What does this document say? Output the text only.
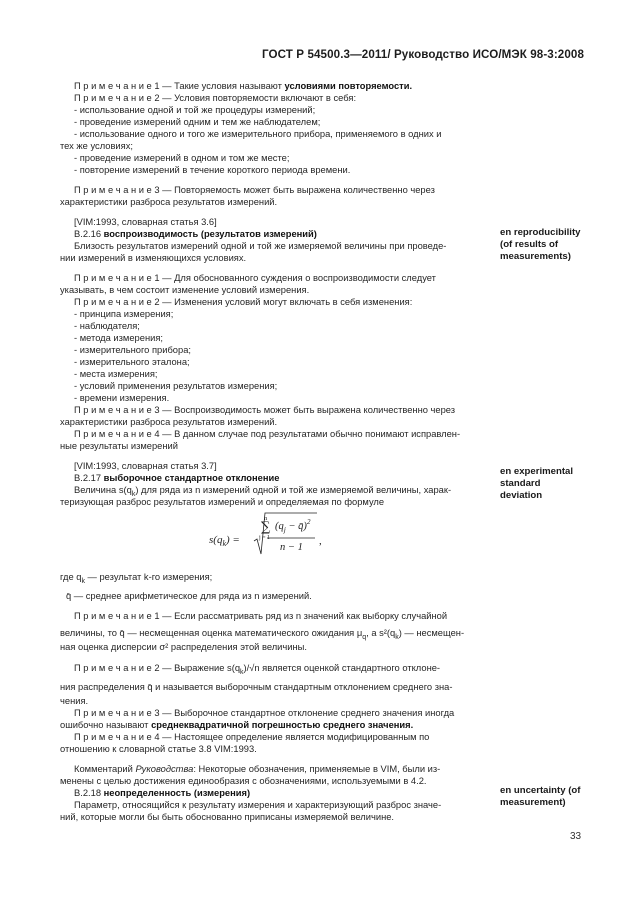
ГОСТ Р 54500.3—2011/ Руководство ИСО/МЭК 98-3:2008
П р и м е ч а н и е 1 — Такие условия называют условиями повторяемости.
П р и м е ч а н и е 2 — Условия повторяемости включают в себя:
- использование одной и той же процедуры измерений;
- проведение измерений одним и тем же наблюдателем;
- использование одного и того же измерительного прибора, применяемого в одних и
тех же условиях;
- проведение измерений в одном и том же месте;
- повторение измерений в течение короткого периода времени.
П р и м е ч а н и е 3 — Повторяемость может быть выражена количественно через
характеристики разброса результатов измерений.
[VIM:1993, словарная статья 3.6]
B.2.16 воспроизводимость (результатов измерений)
Близость результатов измерений одной и той же измеряемой величины при проведе-
нии измерений в изменяющихся условиях.
П р и м е ч а н и е 1 — Для обоснованного суждения о воспроизводимости следует
указывать, в чем состоит изменение условий измерения.
П р и м е ч а н и е 2 — Изменения условий могут включать в себя изменения:
- принципа измерения;
- наблюдателя;
- метода измерения;
- измерительного прибора;
- измерительного эталона;
- места измерения;
- условий применения результатов измерения;
- времени измерения.
П р и м е ч а н и е 3 — Воспроизводимость может быть выражена количественно через
характеристики разброса результатов измерений.
П р и м е ч а н и е 4 — В данном случае под результатами обычно понимают исправлен-
ные результаты измерений
[VIM:1993, словарная статья 3.7]
B.2.17 выборочное стандартное отклонение
Величина $s(q_k)$ для ряда из n измерений одной и той же измеряемой величины, харак-
теризующая разброс результатов измерений и определяемая по формуле
где $q_k$ — результат k-го измерения;
q̄ — среднее арифметическое для ряда из n измерений.
П р и м е ч а н и е 1 — Если рассматривать ряд из n значений как выборку случайной
величины, то q̄ — несмещенная оценка математического ожидания $\mu_q$, а $s^2(q_k)$ — несмещен-
ная оценка дисперсии σ² распределения этой величины.
П р и м е ч а н и е 2 — Выражение $s(q_k)/√n$ является оценкой стандартного отклоне-
ния распределения q̄ и называется выборочным стандартным отклонением среднего зна-
чения.
П р и м е ч а н и е 3 — Выборочное стандартное отклонение среднего значения иногда
ошибочно называют среднеквадратичной погрешностью среднего значения.
П р и м е ч а н и е 4 — Настоящее определение является модифицированным по
отношению к словарной статье 3.8 VIM:1993.
Комментарий Руководства: Некоторые обозначения, применяемые в VIM, были из-
менены с целью достижения единообразия с обозначениями, используемыми в 4.2.
B.2.18 неопределенность (измерения)
Параметр, относящийся к результату измерения и характеризующий разброс значе-
ний, которые могли бы быть обоснованно приписаны измеряемой величине.
$s(q_k)$ =
n
∑
j = 1
($q_j$ − q̄)$^2$
n − 1
,
en reproducibility
(of results of
measurements)
en experimental
standard
deviation
en uncertainty (of
measurement)
33
